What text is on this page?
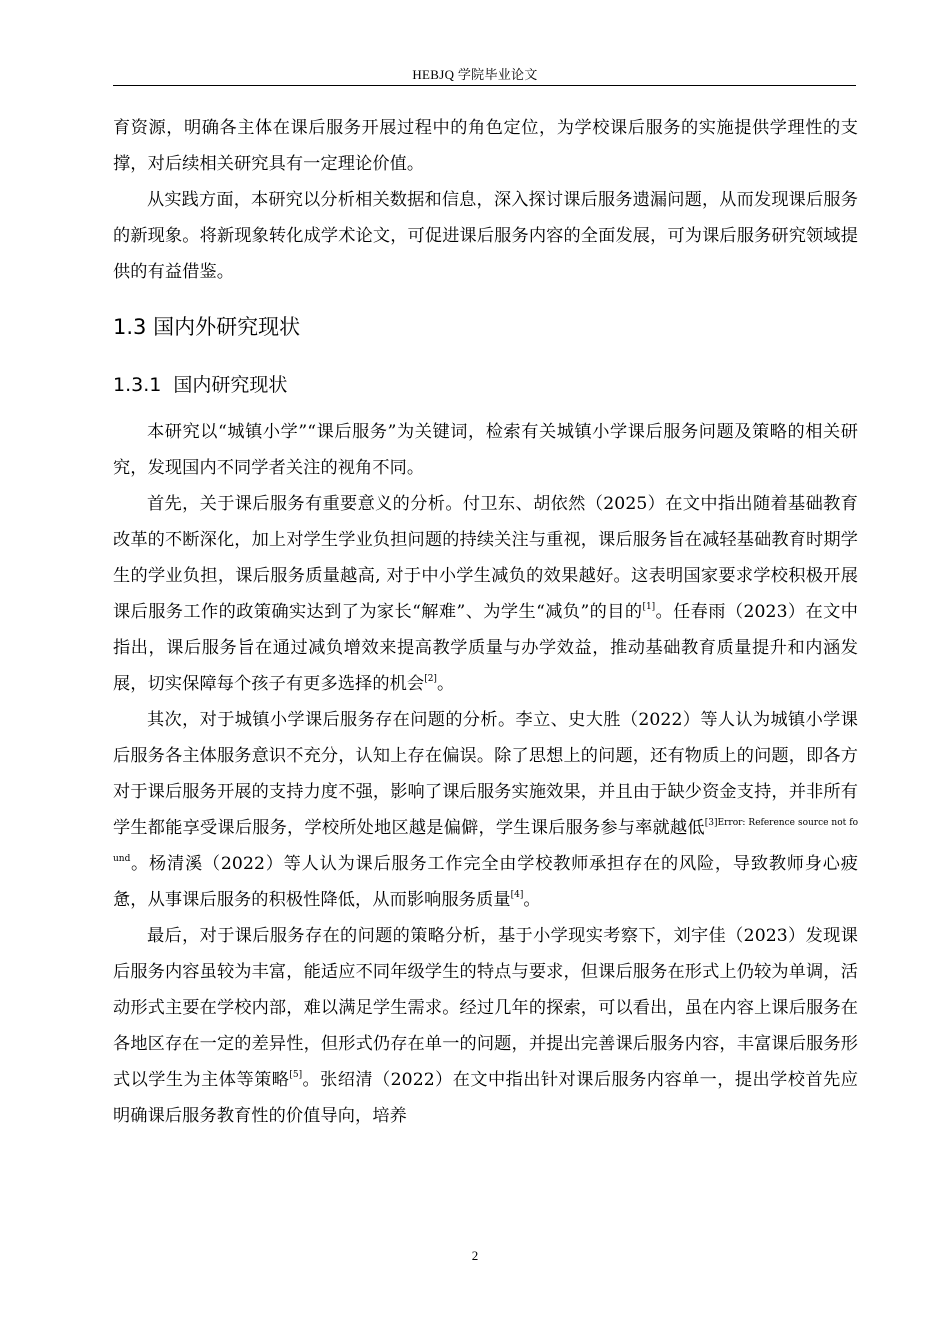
HEBJQ 学院毕业论文

育资源，明确各主体在课后服务开展过程中的角色定位，为学校课后服务的实施提供学理性的支撑，对后续相关研究具有一定理论价值。

从实践方面，本研究以分析相关数据和信息，深入探讨课后服务遗漏问题，从而发现课后服务的新现象。将新现象转化成学术论文，可促进课后服务内容的全面发展，可为课后服务研究领域提供的有益借鉴。

1.3 国内外研究现状
1.3.1 国内研究现状

本研究以“城镇小学”“课后服务”为关键词，检索有关城镇小学课后服务问题及策略的相关研究，发现国内不同学者关注的视角不同。

首先，关于课后服务有重要意义的分析。付卫东、胡依然（2025）在文中指出随着基础教育改革的不断深化，加上对学生学业负担问题的持续关注与重视，课后服务旨在减轻基础教育时期学生的学业负担，课后服务质量越高, 对于中小学生减负的效果越好。这表明国家要求学校积极开展课后服务工作的政策确实达到了为家长“解难”、为学生“减负”的目的[1]。任春雨（2023）在文中指出，课后服务旨在通过减负增效来提高教学质量与办学效益，推动基础教育质量提升和内涵发展，切实保障每个孩子有更多选择的机会[2]。

其次，对于城镇小学课后服务存在问题的分析。李立、史大胜（2022）等人认为城镇小学课后服务各主体服务意识不充分，认知上存在偏误。除了思想上的问题，还有物质上的问题，即各方对于课后服务开展的支持力度不强，影响了课后服务实施效果，并且由于缺少资金支持，并非所有学生都能享受课后服务，学校所处地区越是偏僻，学生课后服务参与率就越低$^{[3]Error: Reference source not found}$。杨清溪（2022）等人认为课后服务工作完全由学校教师承担存在的风险，导致教师身心疲惫，从事课后服务的积极性降低，从而影响服务质量[4]。

最后，对于课后服务存在的问题的策略分析，基于小学现实考察下，刘宇佳（2023）发现课后服务内容虽较为丰富，能适应不同年级学生的特点与要求，但课后服务在形式上仍较为单调，活动形式主要在学校内部，难以满足学生需求。经过几年的探索，可以看出，虽在内容上课后服务在各地区存在一定的差异性，但形式仍存在单一的问题，并提出完善课后服务内容，丰富课后服务形式以学生为主体等策略[5]。张绍清（2022）在文中指出针对课后服务内容单一，提出学校首先应明确课后服务教育性的价值导向，培养

2
